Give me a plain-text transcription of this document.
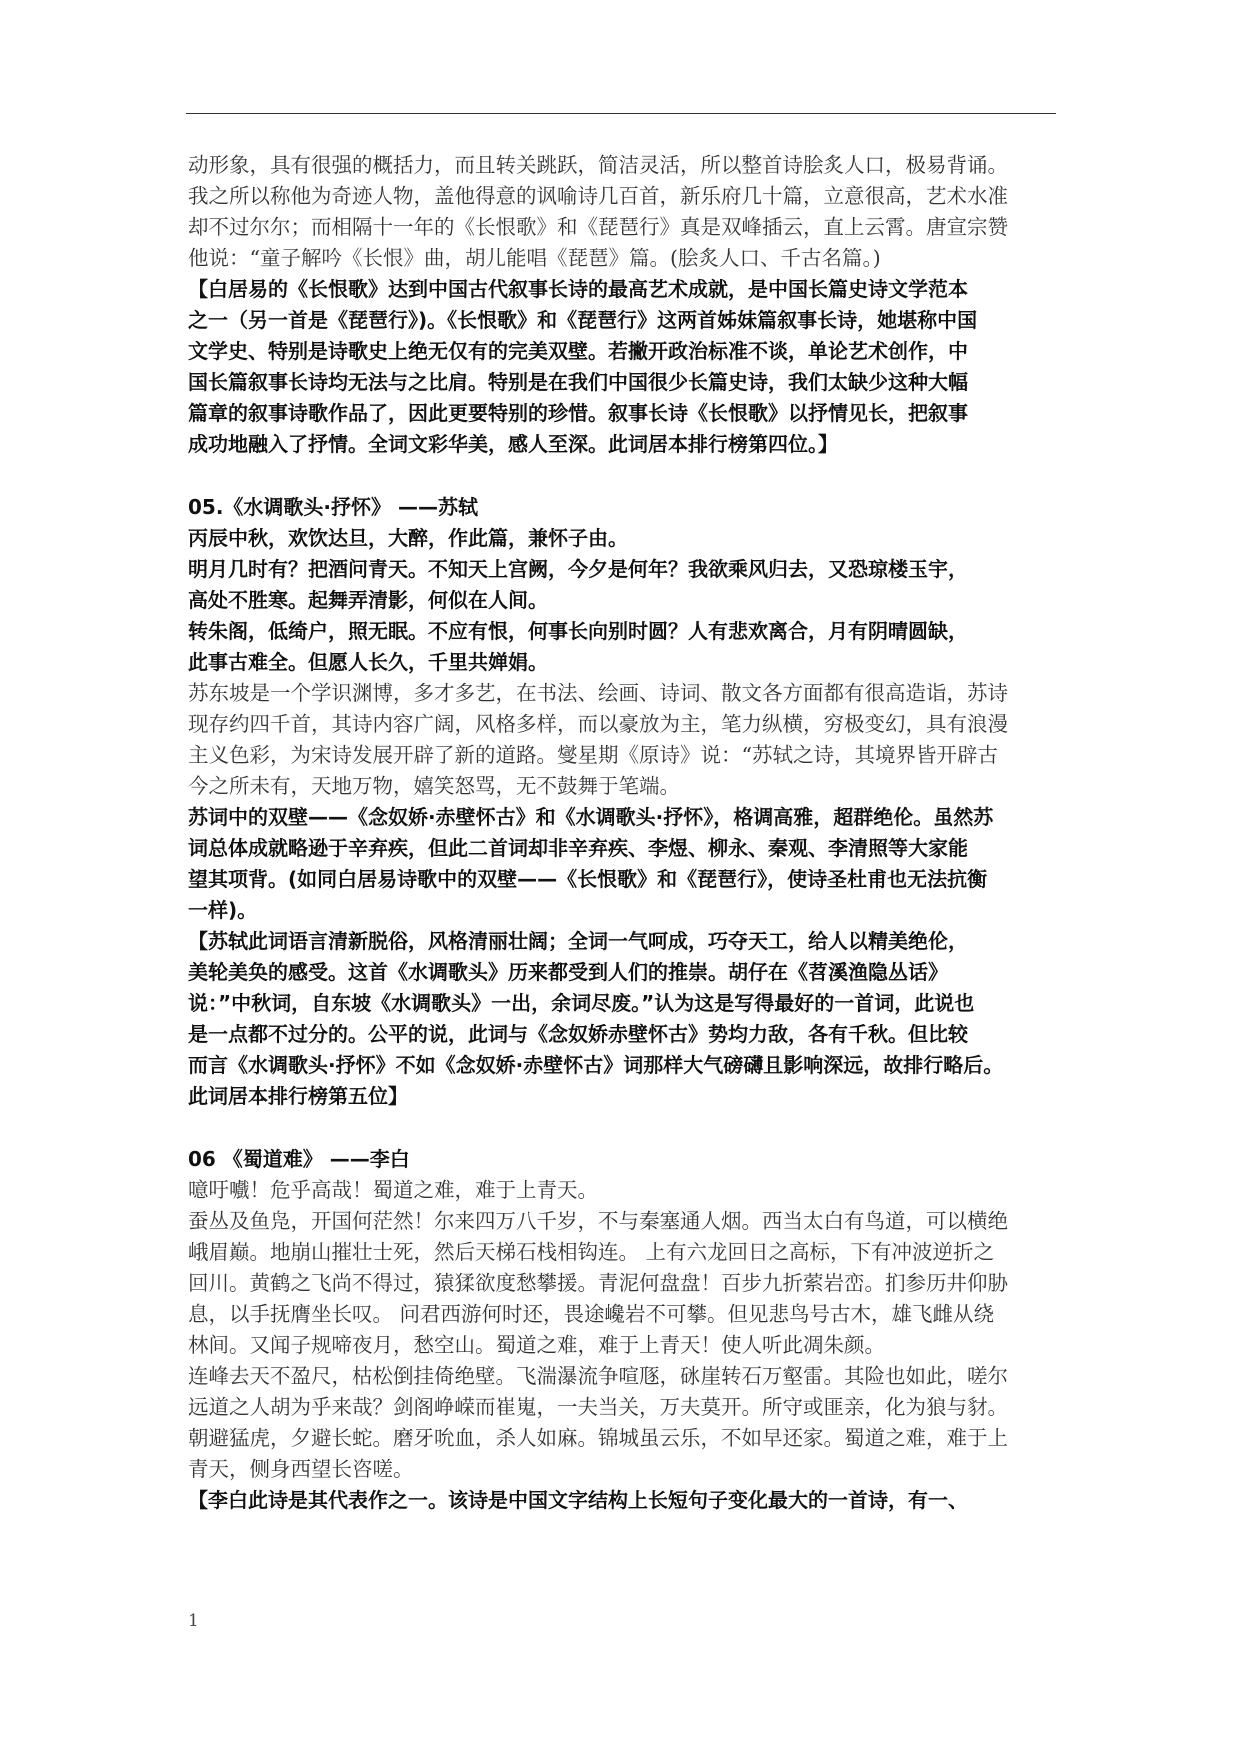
动形象，具有很强的概括力，而且转关跳跃，简洁灵活，所以整首诗脍炙人口，极易背诵。
我之所以称他为奇迹人物，盖他得意的讽喻诗几百首，新乐府几十篇，立意很高，艺术水准
却不过尔尔；而相隔十一年的《长恨歌》和《琵琶行》真是双峰插云，直上云霄。唐宣宗赞
他说：“童子解吟《长恨》曲，胡儿能唱《琵琶》篇。(脍炙人口、千古名篇。)
【白居易的《长恨歌》达到中国古代叙事长诗的最高艺术成就，是中国长篇史诗文学范本
之一（另一首是《琵琶行》)。《长恨歌》和《琵琶行》这两首姊妹篇叙事长诗，她堪称中国
文学史、特别是诗歌史上绝无仅有的完美双壁。若撇开政治标准不谈，单论艺术创作，中
国长篇叙事长诗均无法与之比肩。特别是在我们中国很少长篇史诗，我们太缺少这种大幅
篇章的叙事诗歌作品了，因此更要特别的珍惜。叙事长诗《长恨歌》以抒情见长，把叙事
成功地融入了抒情。全词文彩华美，感人至深。此词居本排行榜第四位。】
05.《水调歌头·抒怀》 ——苏轼
丙辰中秋，欢饮达旦，大醉，作此篇，兼怀子由。
明月几时有？把酒问青天。不知天上宫阙，今夕是何年？我欲乘风归去，又恐琼楼玉宇，
高处不胜寒。起舞弄清影，何似在人间。
转朱阁，低绮户，照无眠。不应有恨，何事长向别时圆？人有悲欢离合，月有阴晴圆缺，
此事古难全。但愿人长久，千里共婵娟。
苏东坡是一个学识渊博，多才多艺，在书法、绘画、诗词、散文各方面都有很高造诣，苏诗
现存约四千首，其诗内容广阔，风格多样，而以豪放为主，笔力纵横，穷极变幻，具有浪漫
主义色彩，为宋诗发展开辟了新的道路。燮星期《原诗》说：“苏轼之诗，其境界皆开辟古
今之所未有，天地万物，嬉笑怒骂，无不鼓舞于笔端。
苏词中的双壁——《念奴娇·赤壁怀古》和《水调歌头·抒怀》，格调高雅，超群绝伦。虽然苏
词总体成就略逊于辛弃疾，但此二首词却非辛弃疾、李煜、柳永、秦观、李清照等大家能
望其项背。(如同白居易诗歌中的双壁——《长恨歌》和《琵琶行》，使诗圣杜甫也无法抗衡
一样)。
【苏轼此词语言清新脱俗，风格清丽壮阔；全词一气呵成，巧夺天工，给人以精美绝伦，
美轮美奂的感受。这首《水调歌头》历来都受到人们的推崇。胡仔在《苕溪渔隐丛话》
说：”中秋词，自东坡《水调歌头》一出，余词尽废。”认为这是写得最好的一首词，此说也
是一点都不过分的。公平的说，此词与《念奴娇赤壁怀古》势均力敌，各有千秋。但比较
而言《水调歌头·抒怀》不如《念奴娇·赤壁怀古》词那样大气磅礴且影响深远，故排行略后。
此词居本排行榜第五位】
06 《蜀道难》 ——李白
噫吁嚱！危乎高哉！蜀道之难，难于上青天。
蚕丛及鱼凫，开国何茫然！尔来四万八千岁，不与秦塞通人烟。西当太白有鸟道，可以横绝
峨眉巅。地崩山摧壮士死，然后天梯石栈相钩连。 上有六龙回日之高标，下有冲波逆折之
回川。黄鹤之飞尚不得过，猿猱欲度愁攀援。青泥何盘盘！百步九折萦岩峦。扪参历井仰胁
息，以手抚膺坐长叹。 问君西游何时还，畏途巉岩不可攀。但见悲鸟号古木，雄飞雌从绕
林间。又闻子规啼夜月，愁空山。蜀道之难，难于上青天！使人听此凋朱颜。
连峰去天不盈尺，枯松倒挂倚绝壁。飞湍瀑流争喧豗，砯崖转石万壑雷。其险也如此，嗟尔
远道之人胡为乎来哉？剑阁峥嵘而崔嵬，一夫当关，万夫莫开。所守或匪亲，化为狼与豺。
朝避猛虎，夕避长蛇。磨牙吮血，杀人如麻。锦城虽云乐，不如早还家。蜀道之难，难于上
青天，侧身西望长咨嗟。
【李白此诗是其代表作之一。该诗是中国文字结构上长短句子变化最大的一首诗，有一、
1
